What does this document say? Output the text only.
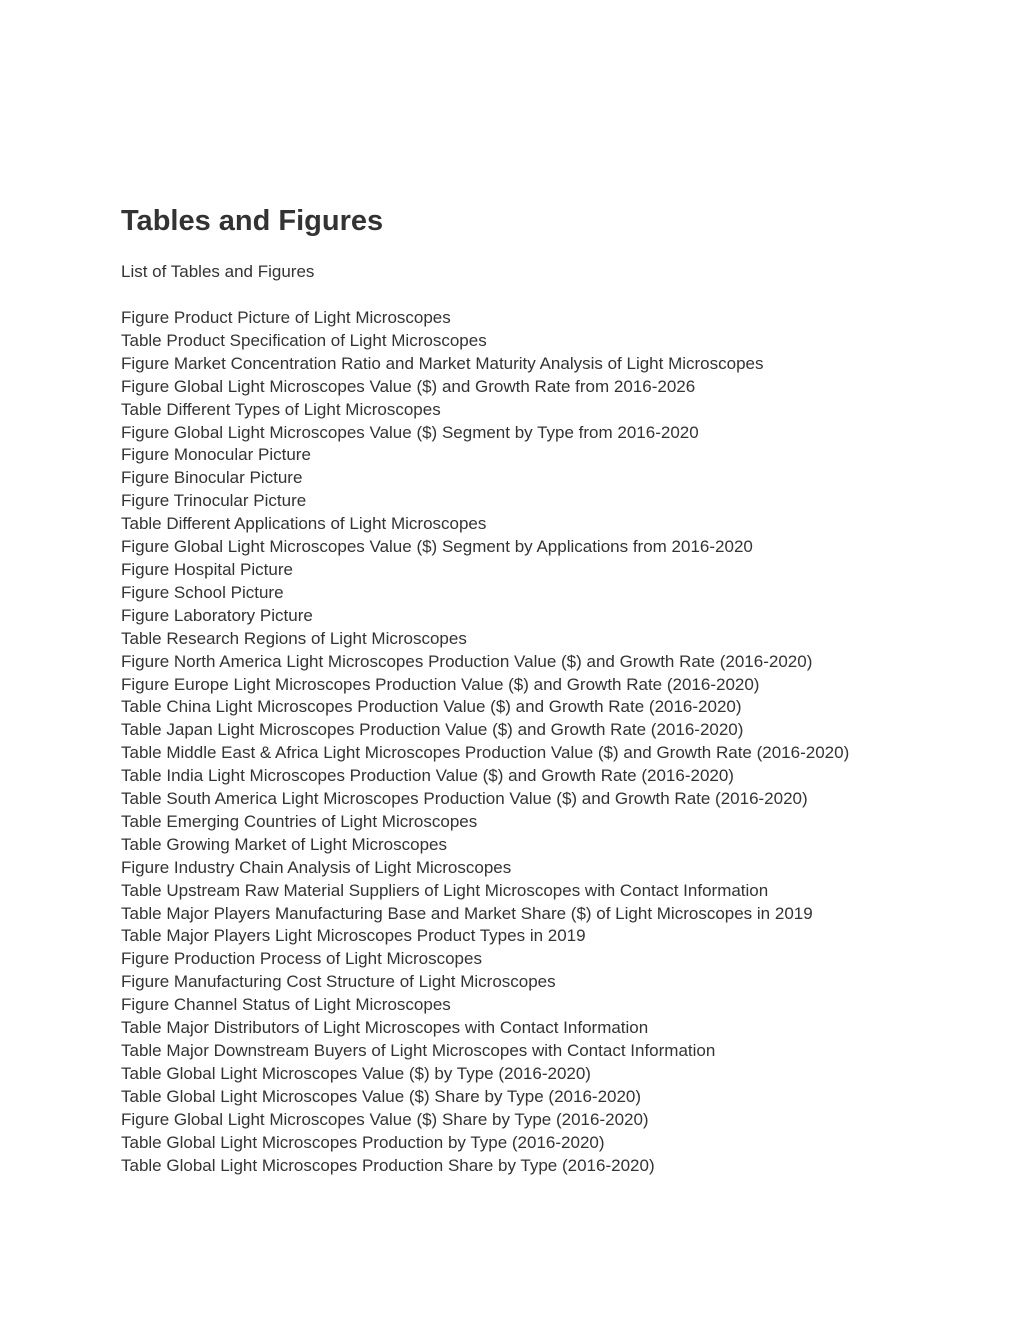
Tables and Figures

List of Tables and Figures

Figure Product Picture of Light Microscopes
Table Product Specification of Light Microscopes
Figure Market Concentration Ratio and Market Maturity Analysis of Light Microscopes
Figure Global Light Microscopes Value ($) and Growth Rate from 2016-2026
Table Different Types of Light Microscopes
Figure Global Light Microscopes Value ($) Segment by Type from 2016-2020
Figure Monocular Picture
Figure Binocular Picture
Figure Trinocular Picture
Table Different Applications of Light Microscopes
Figure Global Light Microscopes Value ($) Segment by Applications from 2016-2020
Figure Hospital Picture
Figure School Picture
Figure Laboratory Picture
Table Research Regions of Light Microscopes
Figure North America Light Microscopes Production Value ($) and Growth Rate (2016-2020)
Figure Europe Light Microscopes Production Value ($) and Growth Rate (2016-2020)
Table China Light Microscopes Production Value ($) and Growth Rate (2016-2020)
Table Japan Light Microscopes Production Value ($) and Growth Rate (2016-2020)
Table Middle East & Africa Light Microscopes Production Value ($) and Growth Rate (2016-2020)
Table India Light Microscopes Production Value ($) and Growth Rate (2016-2020)
Table South America Light Microscopes Production Value ($) and Growth Rate (2016-2020)
Table Emerging Countries of Light Microscopes
Table Growing Market of Light Microscopes
Figure Industry Chain Analysis of Light Microscopes
Table Upstream Raw Material Suppliers of Light Microscopes with Contact Information
Table Major Players Manufacturing Base and Market Share ($) of Light Microscopes in 2019
Table Major Players Light Microscopes Product Types in 2019
Figure Production Process of Light Microscopes
Figure Manufacturing Cost Structure of Light Microscopes
Figure Channel Status of Light Microscopes
Table Major Distributors of Light Microscopes with Contact Information
Table Major Downstream Buyers of Light Microscopes with Contact Information
Table Global Light Microscopes Value ($) by Type (2016-2020)
Table Global Light Microscopes Value ($) Share by Type (2016-2020)
Figure Global Light Microscopes Value ($) Share by Type (2016-2020)
Table Global Light Microscopes Production by Type (2016-2020)
Table Global Light Microscopes Production Share by Type (2016-2020)
